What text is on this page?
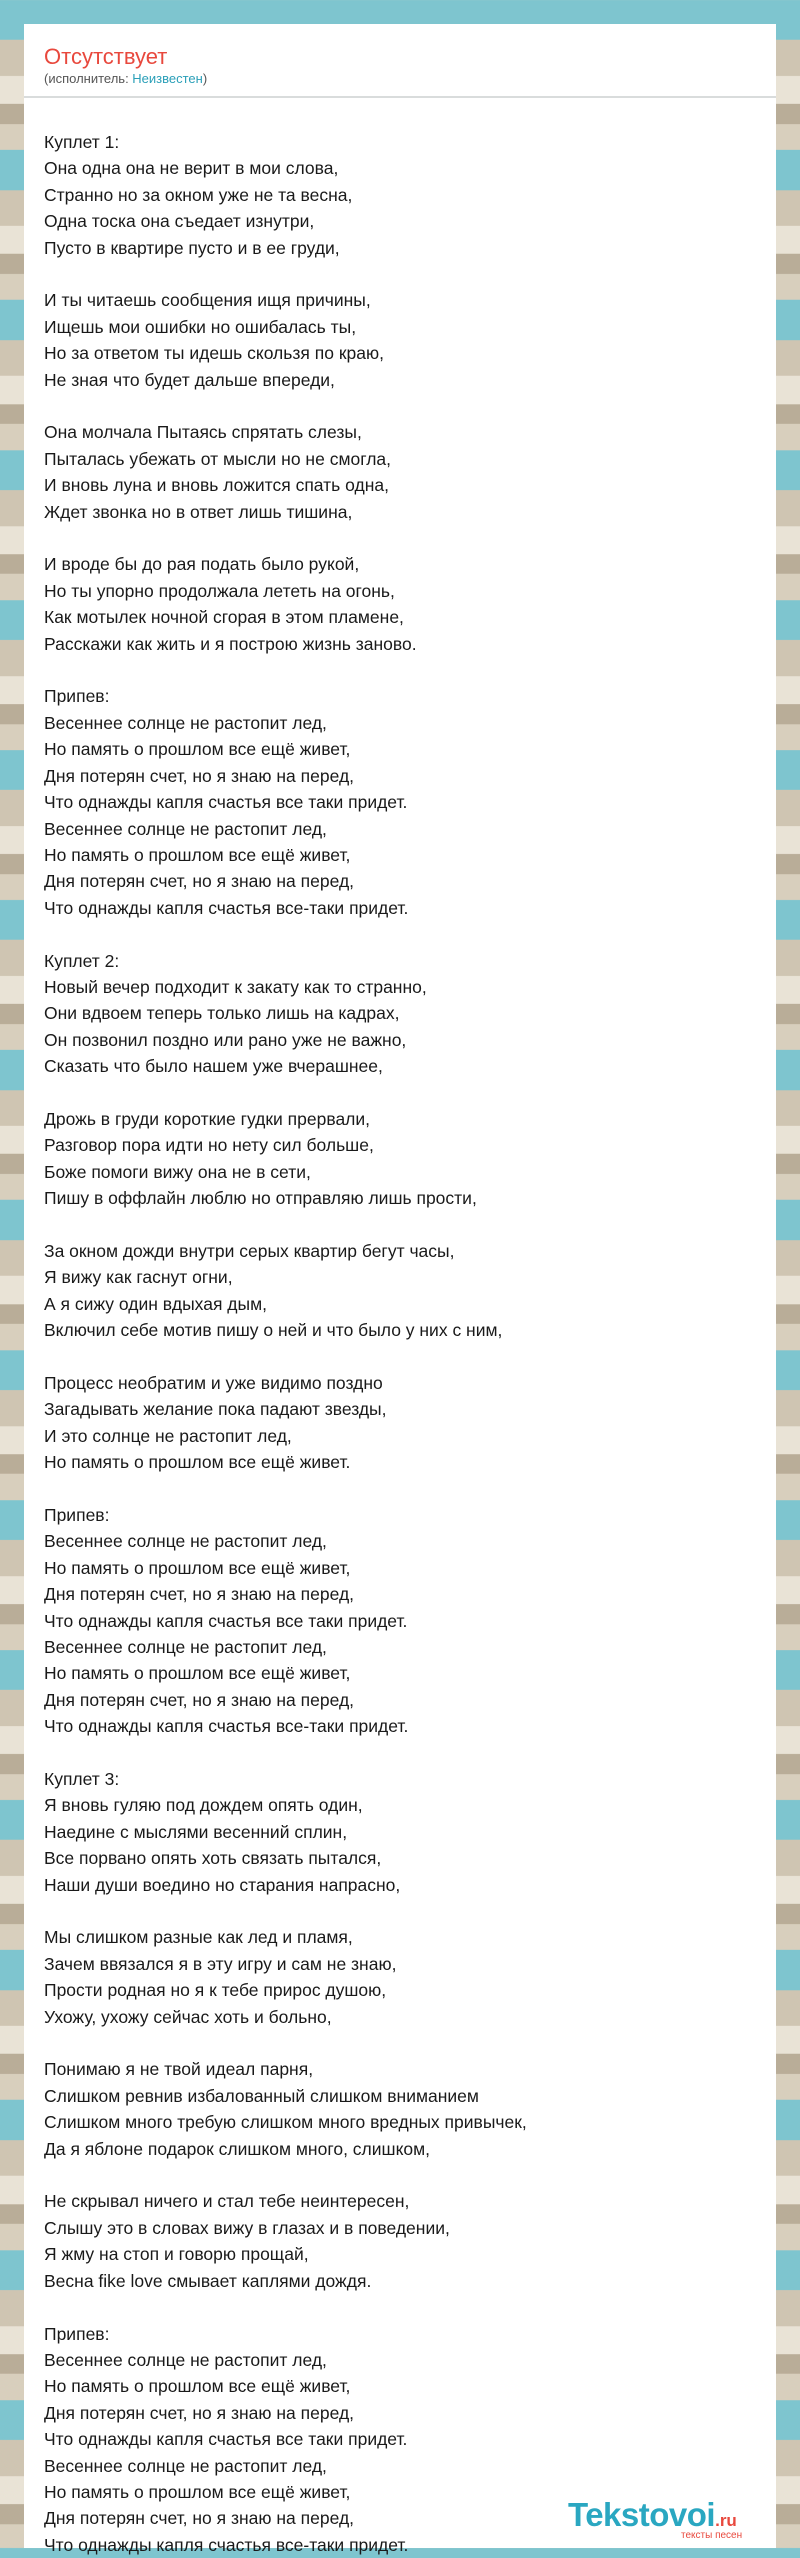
Отсутствует
(исполнитель: Неизвестен)
Куплет 1:
Она одна она не верит в мои слова,
Странно но за окном уже не та весна,
Одна тоска она съедает изнутри,
Пусто в квартире пусто и в ее груди,
И ты читаешь сообщения ищя причины,
Ищешь мои ошибки но ошибалась ты,
Но за ответом ты идешь скользя по краю,
Не зная что будет дальше впереди,
Она молчала Пытаясь спрятать слезы,
Пыталась убежать от мысли но не смогла,
И вновь луна и вновь ложится спать одна,
Ждет звонка но в ответ лишь тишина,
И вроде бы до рая подать было рукой,
Но ты упорно продолжала лететь на огонь,
Как мотылек ночной сгорая в этом пламене,
Расскажи как жить и я построю жизнь заново.
Припев:
Весеннее солнце не растопит лед,
Но память о прошлом все ещё живет,
Дня потерян счет, но я знаю на перед,
Что однажды капля счастья все таки придет.
Весеннее солнце не растопит лед,
Но память о прошлом все ещё живет,
Дня потерян счет, но я знаю на перед,
Что однажды капля счастья все-таки придет.
Куплет 2:
Новый вечер подходит к закату как то странно,
Они вдвоем теперь только лишь на кадрах,
Он позвонил поздно или рано уже не важно,
Сказать что было нашем уже вчерашнее,
Дрожь в груди короткие гудки прервали,
Разговор пора идти но нету сил больше,
Боже помоги вижу она не в сети,
Пишу в оффлайн люблю но отправляю лишь прости,
За окном дожди внутри серых квартир бегут часы,
Я вижу как гаснут огни,
А я сижу один вдыхая дым,
Включил себе мотив пишу о ней и что было у них с ним,
Процесс необратим и уже видимо поздно
Загадывать желание пока падают звезды,
И это солнце не растопит лед,
Но память о прошлом все ещё живет.
Припев:
Весеннее солнце не растопит лед,
Но память о прошлом все ещё живет,
Дня потерян счет, но я знаю на перед,
Что однажды капля счастья все таки придет.
Весеннее солнце не растопит лед,
Но память о прошлом все ещё живет,
Дня потерян счет, но я знаю на перед,
Что однажды капля счастья все-таки придет.
Куплет 3:
Я вновь гуляю под дождем опять один,
Наедине с мыслями весенний сплин,
Все порвано опять хоть связать пытался,
Наши души воедино но старания напрасно,
Мы слишком разные как лед и пламя,
Зачем ввязался я в эту игру и сам не знаю,
Прости родная но я к тебе прирос душою,
Ухожу, ухожу сейчас хоть и больно,
Понимаю я не твой идеал парня,
Слишком ревнив избалованный слишком вниманием
Слишком много требую слишком много вредных привычек,
Да я яблоне подарок слишком много, слишком,
Не скрывал ничего и стал тебе неинтересен,
Слышу это в словах вижу в глазах и в поведении,
Я жму на стоп и говорю прощай,
Весна fike love смывает каплями дождя.
Припев:
Весеннее солнце не растопит лед,
Но память о прошлом все ещё живет,
Дня потерян счет, но я знаю на перед,
Что однажды капля счастья все таки придет.
Весеннее солнце не растопит лед,
Но память о прошлом все ещё живет,
Дня потерян счет, но я знаю на перед,
Что однажды капля счастья все-таки придет.
Tekstovoi.ru
тексты песен
